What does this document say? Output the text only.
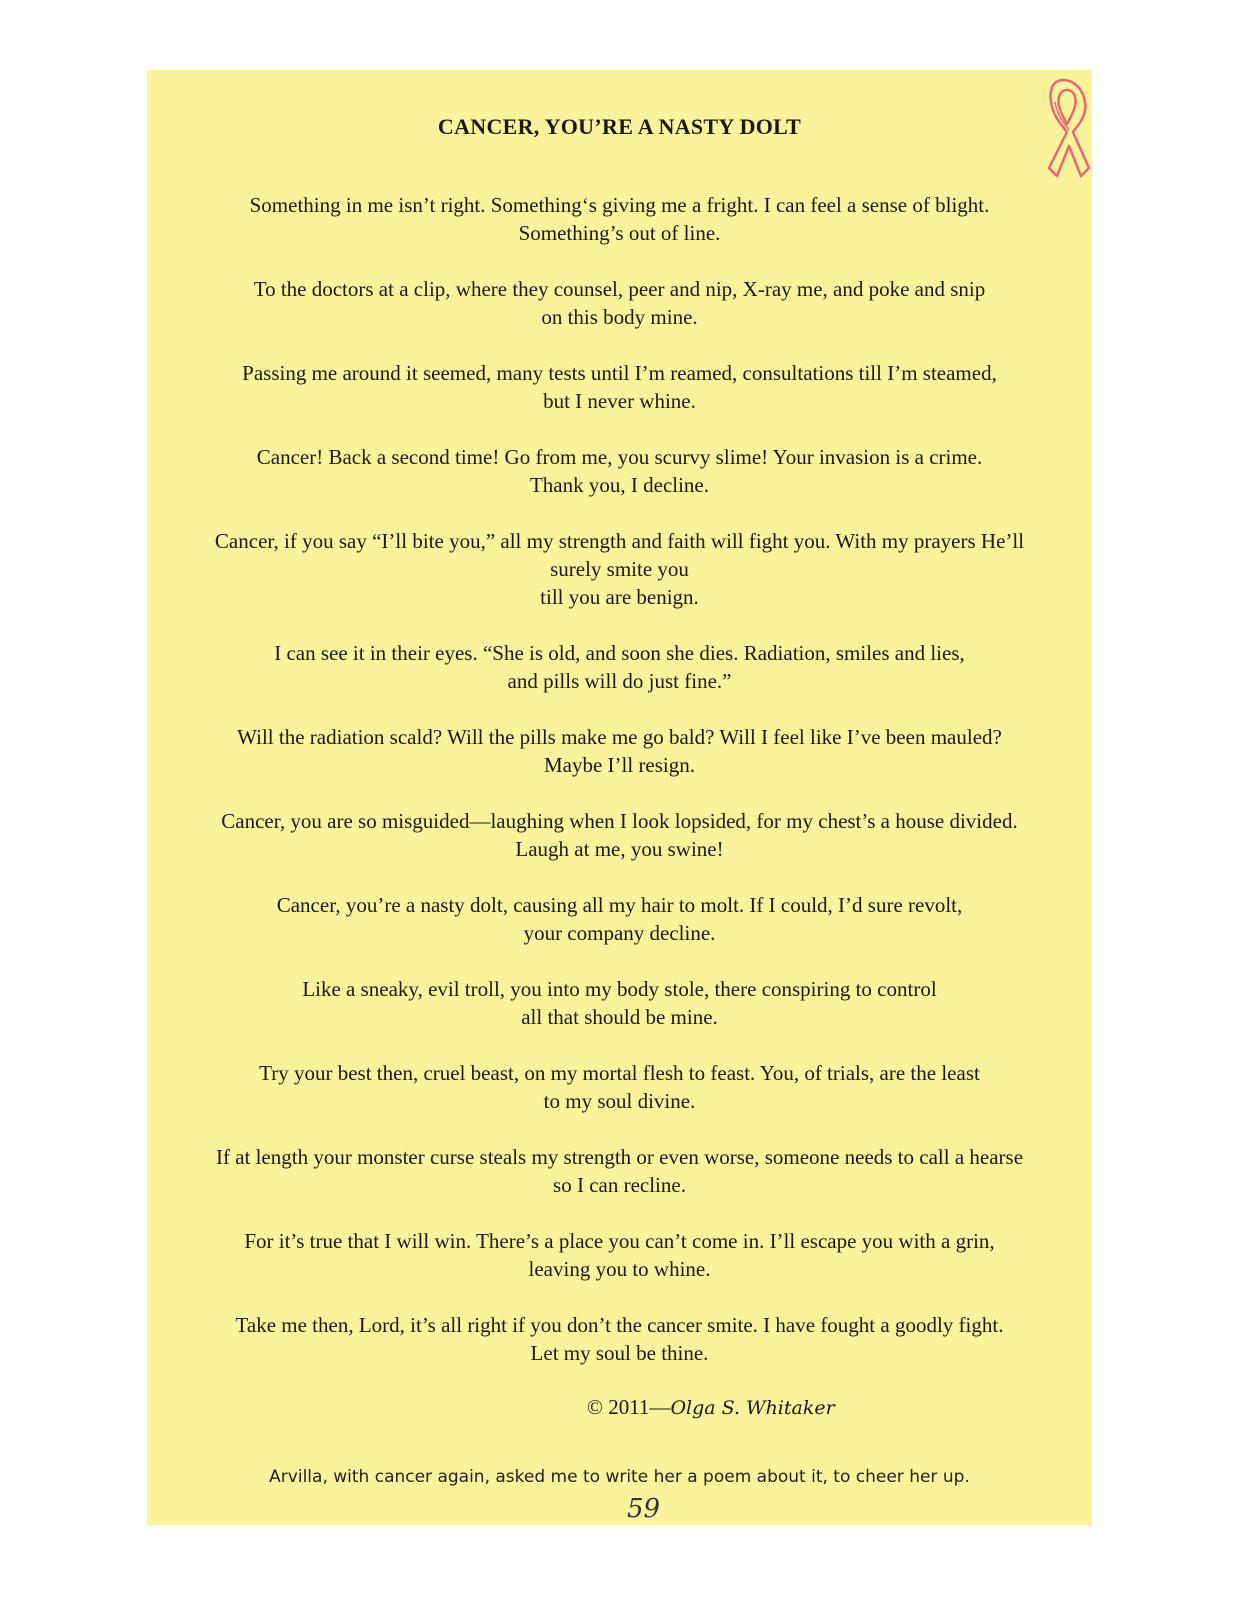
CANCER, YOU’RE A NASTY DOLT

Something in me isn’t right. Something‘s giving me a fright. I can feel a sense of blight.
Something’s out of line.

To the doctors at a clip, where they counsel, peer and nip, X-ray me, and poke and snip
on this body mine.

Passing me around it seemed, many tests until I’m reamed, consultations till I’m steamed,
but I never whine.

Cancer! Back a second time! Go from me, you scurvy slime! Your invasion is a crime.
Thank you, I decline.

Cancer, if you say “I’ll bite you,” all my strength and faith will fight you. With my prayers He’ll
surely smite you
till you are benign.

I can see it in their eyes. “She is old, and soon she dies. Radiation, smiles and lies,
and pills will do just fine.”

Will the radiation scald? Will the pills make me go bald? Will I feel like I’ve been mauled?
Maybe I’ll resign.

Cancer, you are so misguided—laughing when I look lopsided, for my chest’s a house divided.
Laugh at me, you swine!

Cancer, you’re a nasty dolt, causing all my hair to molt. If I could, I’d sure revolt,
your company decline.

Like a sneaky, evil troll, you into my body stole, there conspiring to control
all that should be mine.

Try your best then, cruel beast, on my mortal flesh to feast. You, of trials, are the least
to my soul divine.

If at length your monster curse steals my strength or even worse, someone needs to call a hearse
so I can recline.

For it’s true that I will win. There’s a place you can’t come in. I’ll escape you with a grin,
leaving you to whine.

Take me then, Lord, it’s all right if you don’t the cancer smite. I have fought a goodly fight.
Let my soul be thine.

© 2011—Olga S. Whitaker
Arvilla, with cancer again, asked me to write her a poem about it, to cheer her up.
59
